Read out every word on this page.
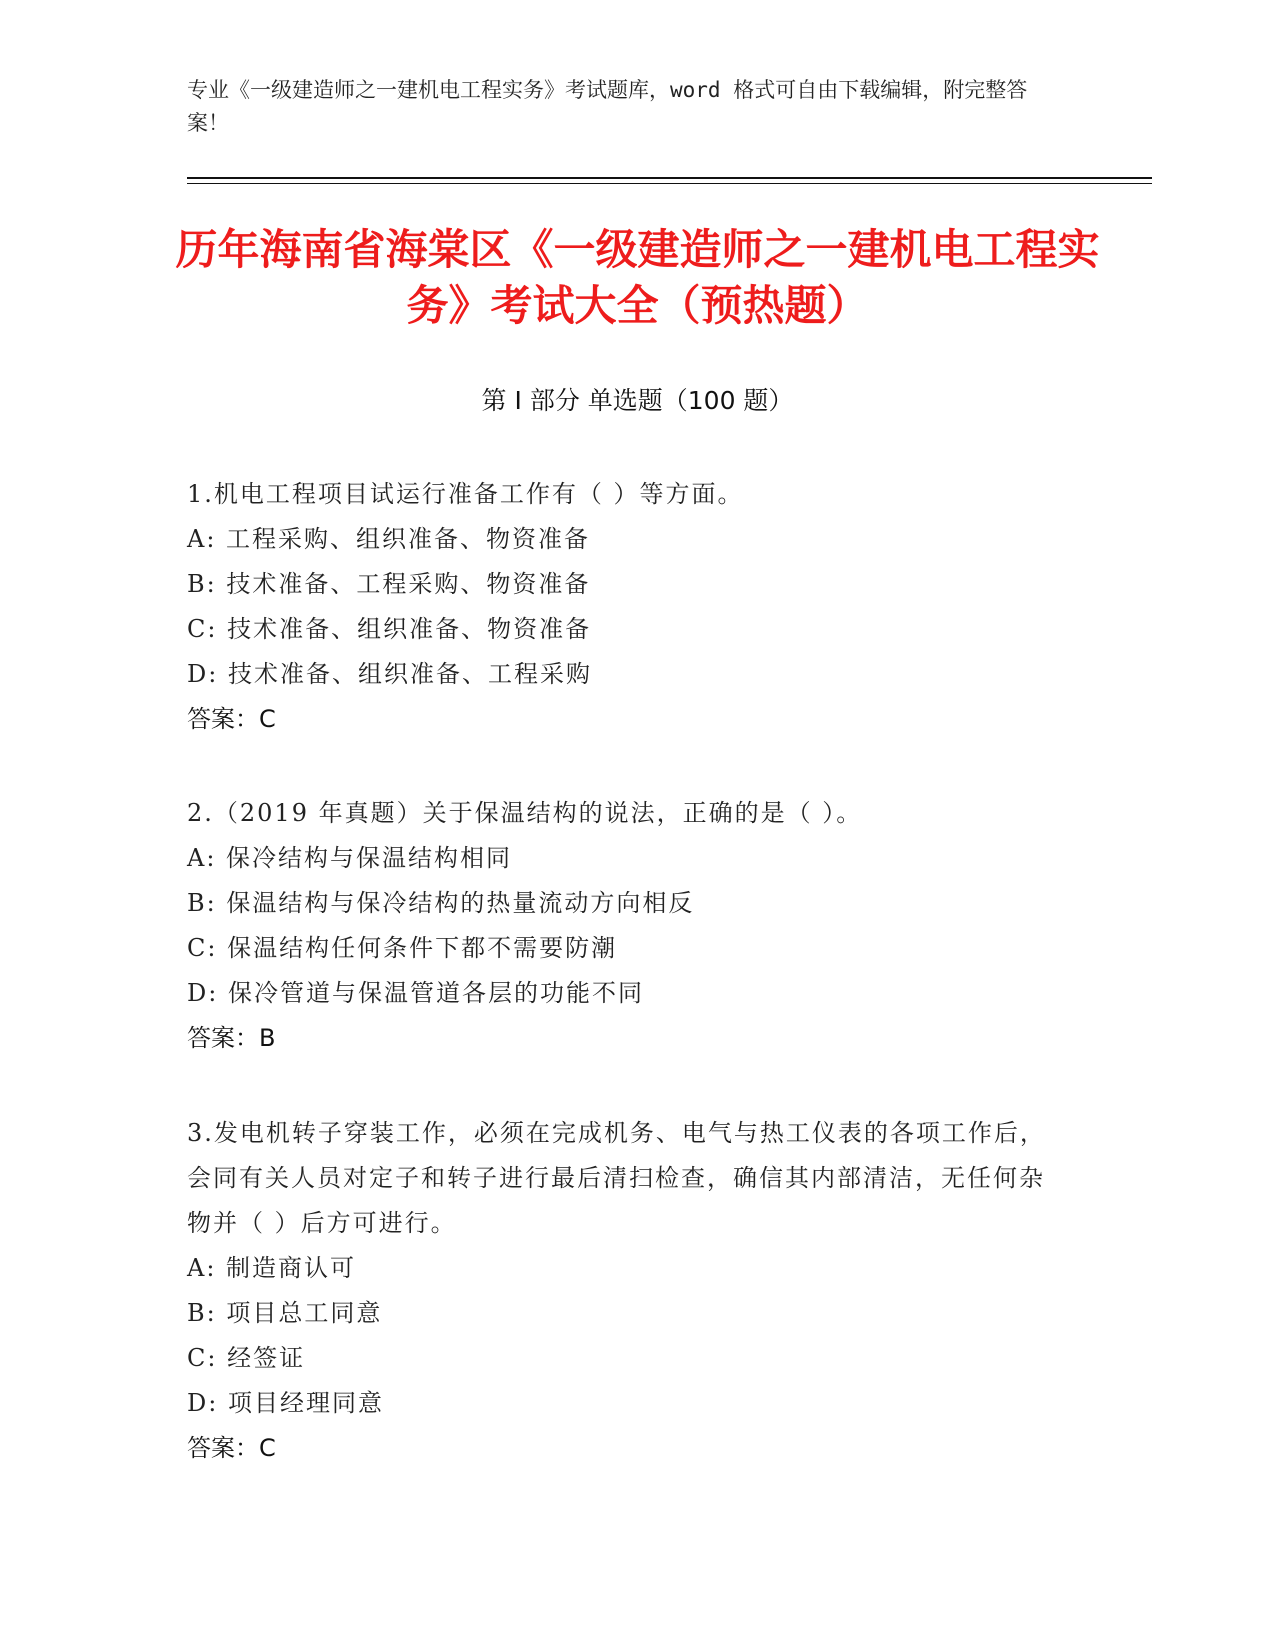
专业《一级建造师之一建机电工程实务》考试题库，word 格式可自由下载编辑，附完整答案！
历年海南省海棠区《一级建造师之一建机电工程实务》考试大全（预热题）
第 I 部分 单选题（100 题）
1.机电工程项目试运行准备工作有（ ）等方面。
A: 工程采购、组织准备、物资准备
B: 技术准备、工程采购、物资准备
C: 技术准备、组织准备、物资准备
D: 技术准备、组织准备、工程采购
答案：C
2.（2019 年真题）关于保温结构的说法，正确的是（ ）。
A: 保冷结构与保温结构相同
B: 保温结构与保冷结构的热量流动方向相反
C: 保温结构任何条件下都不需要防潮
D: 保冷管道与保温管道各层的功能不同
答案：B
3.发电机转子穿装工作，必须在完成机务、电气与热工仪表的各项工作后，会同有关人员对定子和转子进行最后清扫检查，确信其内部清洁，无任何杂物并（ ）后方可进行。
A: 制造商认可
B: 项目总工同意
C: 经签证
D: 项目经理同意
答案：C
